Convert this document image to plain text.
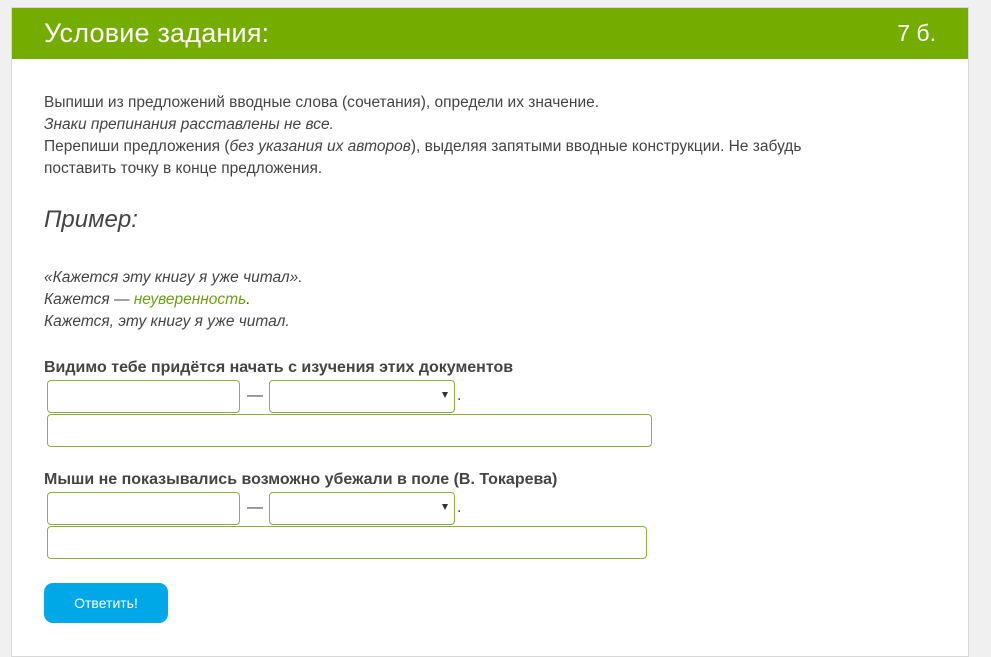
Условие задания:	7 б.

Выпиши из предложений вводные слова (сочетания), определи их значение.

Знаки препинания расставлены не все.

Перепиши предложения (без указания их авторов), выделяя запятыми вводные конструкции. Не забудь

поставить точку в конце предложения.

Пример:
«Кажется эту книгу я уже читал».
Кажется — неуверенность.
Кажется, эту книгу я уже читал.
Видимо тебе придётся начать с изучения этих документов
—	.
Мыши не показывались возможно убежали в поле (В. Токарева)
—	.
Ответить!
